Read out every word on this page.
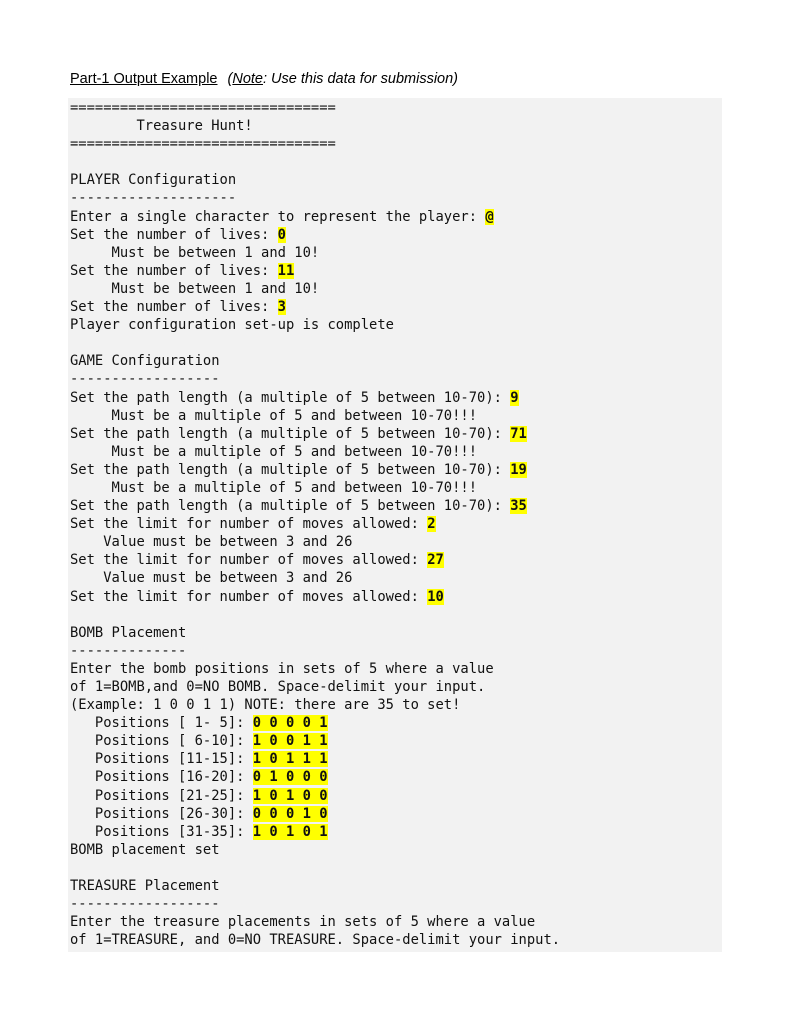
Part-1 Output Example (Note: Use this data for submission)
================================
Treasure Hunt!
================================
PLAYER Configuration
--------------------
Enter a single character to represent the player: @
Set the number of lives: 0
Must be between 1 and 10!
Set the number of lives: 11
Must be between 1 and 10!
Set the number of lives: 3
Player configuration set-up is complete
GAME Configuration
------------------
Set the path length (a multiple of 5 between 10-70): 9
Must be a multiple of 5 and between 10-70!!!
Set the path length (a multiple of 5 between 10-70): 71
Must be a multiple of 5 and between 10-70!!!
Set the path length (a multiple of 5 between 10-70): 19
Must be a multiple of 5 and between 10-70!!!
Set the path length (a multiple of 5 between 10-70): 35
Set the limit for number of moves allowed: 2
Value must be between 3 and 26
Set the limit for number of moves allowed: 27
Value must be between 3 and 26
Set the limit for number of moves allowed: 10
BOMB Placement
--------------
Enter the bomb positions in sets of 5 where a value
of 1=BOMB,and 0=NO BOMB. Space-delimit your input.
(Example: 1 0 0 1 1) NOTE: there are 35 to set!
Positions [ 1- 5]: 0 0 0 0 1
Positions [ 6-10]: 1 0 0 1 1
Positions [11-15]: 1 0 1 1 1
Positions [16-20]: 0 1 0 0 0
Positions [21-25]: 1 0 1 0 0
Positions [26-30]: 0 0 0 1 0
Positions [31-35]: 1 0 1 0 1
BOMB placement set
TREASURE Placement
------------------
Enter the treasure placements in sets of 5 where a value
of 1=TREASURE, and 0=NO TREASURE. Space-delimit your input.
